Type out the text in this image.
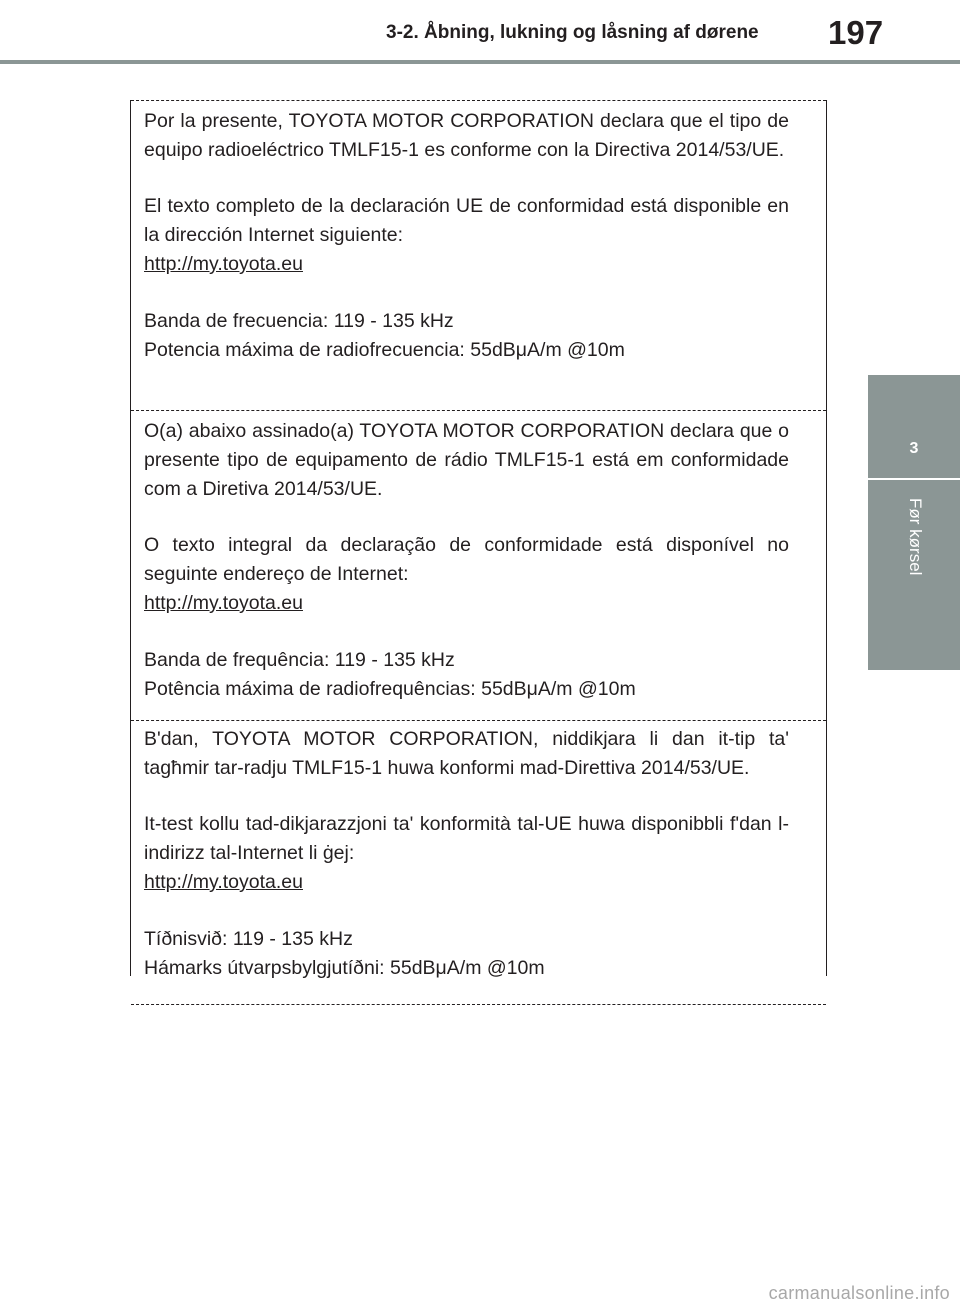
3-2. Åbning, lukning og låsning af dørene 197
3
Før kørsel

Por la presente, TOYOTA MOTOR CORPORATION declara que el tipo de equipo radioeléctrico TMLF15-1 es conforme con la Directiva 2014/53/UE.

El texto completo de la declaración UE de conformidad está disponible en la dirección Internet siguiente:

http://my.toyota.eu

Banda de frecuencia: 119 - 135 kHz

Potencia máxima de radiofrecuencia: 55dBμA/m @10m

O(a) abaixo assinado(a) TOYOTA MOTOR CORPORATION declara que o presente tipo de equipamento de rádio TMLF15-1 está em conformidade com a Diretiva 2014/53/UE.

O texto integral da declaração de conformidade está disponível no seguinte endereço de Internet:

http://my.toyota.eu

Banda de frequência: 119 - 135 kHz

Potência máxima de radiofrequências: 55dBμA/m @10m

B'dan, TOYOTA MOTOR CORPORATION, niddikjara li dan it-tip ta' tagħmir tar-radju TMLF15-1 huwa konformi mad-Direttiva 2014/53/UE.

It-test kollu tad-dikjarazzjoni ta' konformità tal-UE huwa disponibbli f'dan l-indirizz tal-Internet li ġej:

http://my.toyota.eu

Tíðnisvið: 119 - 135 kHz

Hámarks útvarpsbylgjutíðni: 55dBμA/m @10m

carmanualsonline.info
